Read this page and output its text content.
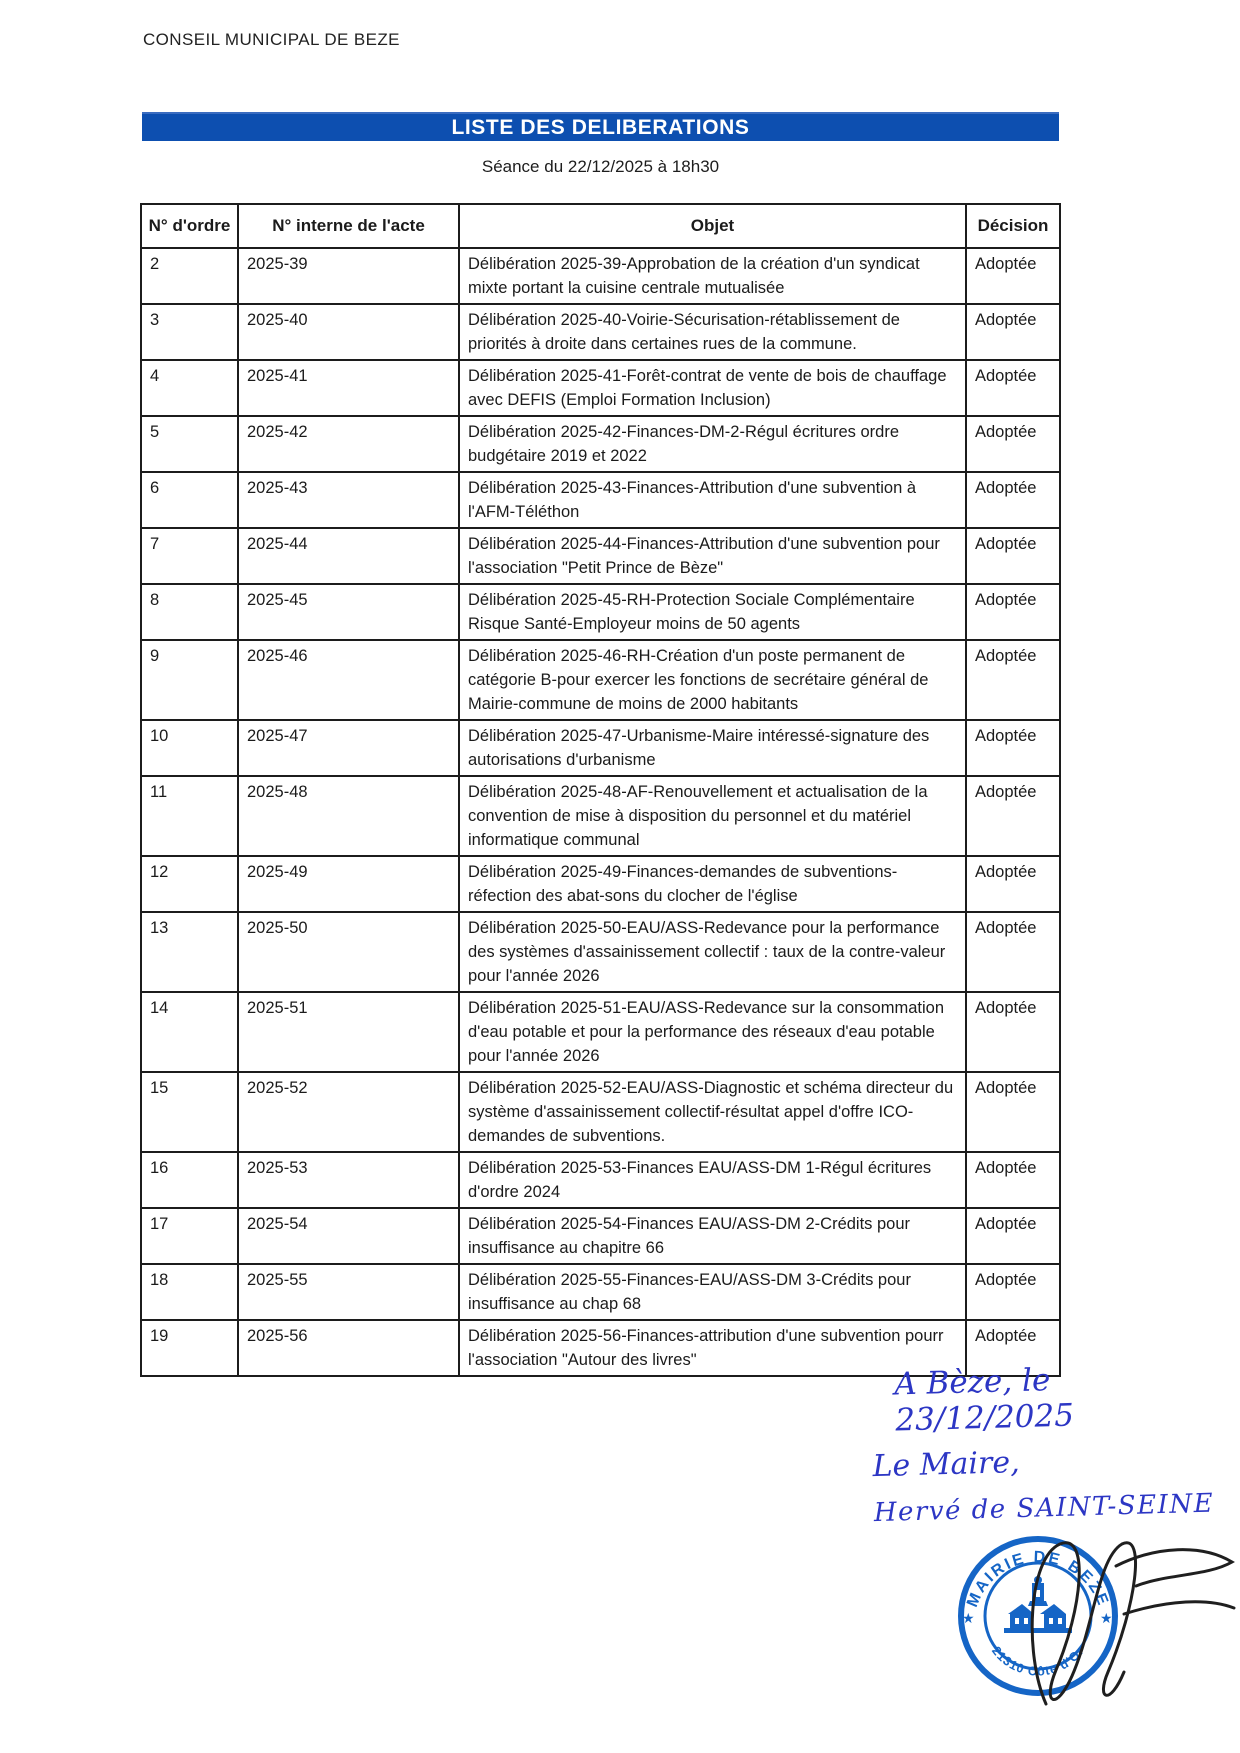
CONSEIL MUNICIPAL DE BEZE
LISTE DES DELIBERATIONS
Séance du 22/12/2025 à 18h30
N° d'ordre	N° interne de l'acte	Objet	Décision
2	2025-39	Délibération 2025-39-Approbation de la création d'un syndicat mixte portant la cuisine centrale mutualisée	Adoptée
3	2025-40	Délibération 2025-40-Voirie-Sécurisation-rétablissement de priorités à droite dans certaines rues de la commune.	Adoptée
4	2025-41	Délibération 2025-41-Forêt-contrat de vente de bois de chauffage avec DEFIS (Emploi Formation Inclusion)	Adoptée
5	2025-42	Délibération 2025-42-Finances-DM-2-Régul écritures ordre budgétaire 2019 et 2022	Adoptée
6	2025-43	Délibération 2025-43-Finances-Attribution d'une subvention à l'AFM-Téléthon	Adoptée
7	2025-44	Délibération 2025-44-Finances-Attribution d'une subvention pour l'association "Petit Prince de Bèze"	Adoptée
8	2025-45	Délibération 2025-45-RH-Protection Sociale Complémentaire Risque Santé-Employeur moins de 50 agents	Adoptée
9	2025-46	Délibération 2025-46-RH-Création d'un poste permanent de catégorie B-pour exercer les fonctions de secrétaire général de Mairie-commune de moins de 2000 habitants	Adoptée
10	2025-47	Délibération 2025-47-Urbanisme-Maire intéressé-signature des autorisations d'urbanisme	Adoptée
11	2025-48	Délibération 2025-48-AF-Renouvellement et actualisation de la convention de mise à disposition du personnel et du matériel informatique communal	Adoptée
12	2025-49	Délibération 2025-49-Finances-demandes de subventions-réfection des abat-sons du clocher de l'église	Adoptée
13	2025-50	Délibération 2025-50-EAU/ASS-Redevance pour la performance des systèmes d'assainissement collectif : taux de la contre-valeur pour l'année 2026	Adoptée
14	2025-51	Délibération 2025-51-EAU/ASS-Redevance sur la consommation d'eau potable et pour la performance des réseaux d'eau potable pour l'année 2026	Adoptée
15	2025-52	Délibération 2025-52-EAU/ASS-Diagnostic et schéma directeur du système d'assainissement collectif-résultat appel d'offre ICO-demandes de subventions.	Adoptée
16	2025-53	Délibération 2025-53-Finances EAU/ASS-DM 1-Régul écritures d'ordre 2024	Adoptée
17	2025-54	Délibération 2025-54-Finances EAU/ASS-DM 2-Crédits pour insuffisance au chapitre 66	Adoptée
18	2025-55	Délibération 2025-55-Finances-EAU/ASS-DM 3-Crédits pour insuffisance au chap 68	Adoptée
19	2025-56	Délibération 2025-56-Finances-attribution d'une subvention pourr l'association "Autour des livres"	Adoptée
A Bèze, le 23/12/2025
Le Maire,
Hervé de SAINT-SEINE
MAIRIE DE BEZE
21310 Côte d'Or
★	★
